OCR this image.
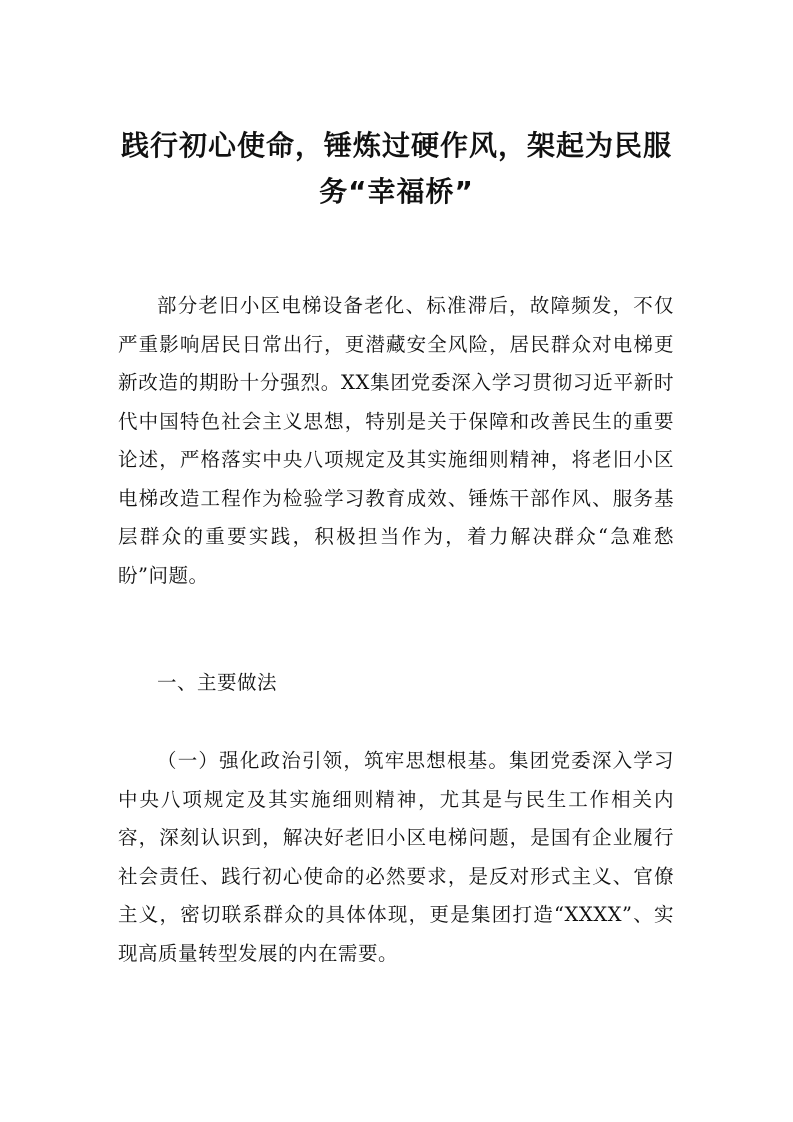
践行初心使命，锤炼过硬作风，架起为民服务“幸福桥”

部分老旧小区电梯设备老化、标准滞后，故障频发，不仅严重影响居民日常出行，更潜藏安全风险，居民群众对电梯更新改造的期盼十分强烈。XX集团党委深入学习贯彻习近平新时代中国特色社会主义思想，特别是关于保障和改善民生的重要论述，严格落实中央八项规定及其实施细则精神，将老旧小区电梯改造工程作为检验学习教育成效、锤炼干部作风、服务基层群众的重要实践，积极担当作为，着力解决群众“急难愁盼”问题。

一、主要做法

（一）强化政治引领，筑牢思想根基。集团党委深入学习中央八项规定及其实施细则精神，尤其是与民生工作相关内容，深刻认识到，解决好老旧小区电梯问题，是国有企业履行社会责任、践行初心使命的必然要求，是反对形式主义、官僚主义，密切联系群众的具体体现，更是集团打造“XXXX”、实现高质量转型发展的内在需要。
